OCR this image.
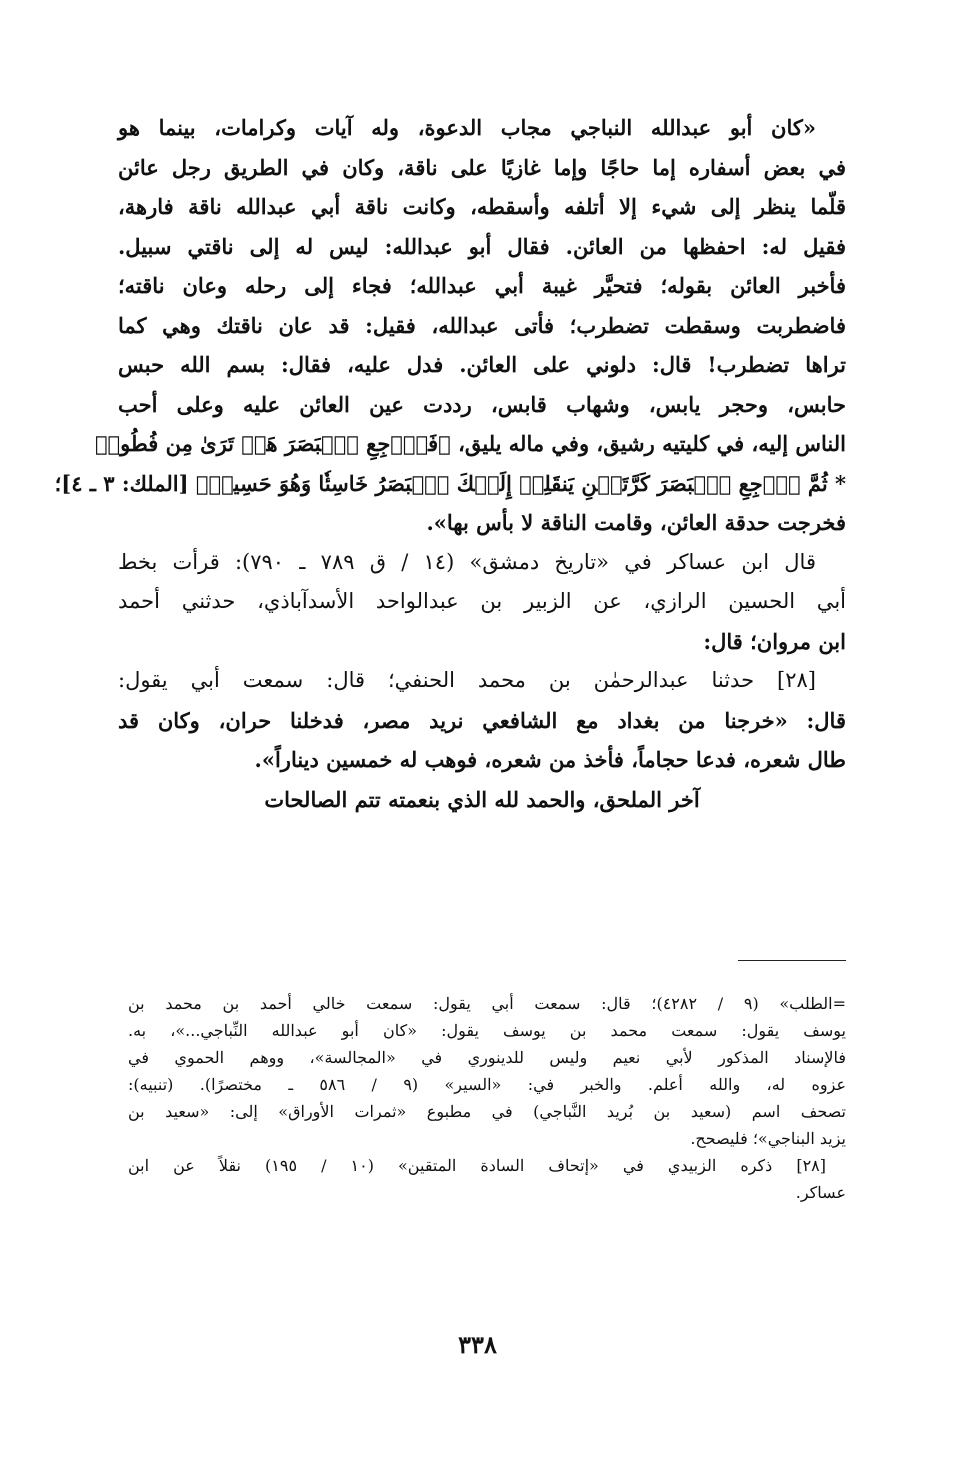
«كان أبو عبدالله النباجي مجاب الدعوة، وله آيات وكرامات، بينما هو
في بعض أسفاره إما حاجًا وإما غازيًا على ناقة، وكان في الطريق رجل عائن
قلّما ينظر إلى شيء إلا أتلفه وأسقطه، وكانت ناقة أبي عبدالله ناقة فارهة،
فقيل له: احفظها من العائن. فقال أبو عبدالله: ليس له إلى ناقتي سبيل.
فأخبر العائن بقوله؛ فتحيَّر غيبة أبي عبدالله؛ فجاء إلى رحله وعان ناقته؛
فاضطربت وسقطت تضطرب؛ فأتى عبدالله، فقيل: قد عان ناقتك وهي كما
تراها تضطرب! قال: دلوني على العائن. فدل عليه، فقال: بسم الله حبس
حابس، وحجر يابس، وشهاب قابس، رددت عين العائن عليه وعلى أحب
الناس إليه، في كليتيه رشيق، وفي ماله يليق، ﴿فَٱرۡجِعِ ٱلۡبَصَرَ هَلۡ تَرَىٰ مِن فُطُورٖ
* ثُمَّ ٱرۡجِعِ ٱلۡبَصَرَ كَرَّتَيۡنِ يَنقَلِبۡ إِلَيۡكَ ٱلۡبَصَرُ خَاسِئٗا وَهُوَ حَسِيرٞ﴾ [الملك: ٣ ـ ٤]؛
فخرجت حدقة العائن، وقامت الناقة لا بأس بها».
قال ابن عساكر في «تاريخ دمشق» (١٤ / ق ٧٨٩ ـ ٧٩٠): قرأت بخط
أبي الحسين الرازي، عن الزبير بن عبدالواحد الأسدآباذي، حدثني أحمد
ابن مروان؛ قال:
[٢٨] حدثنا عبدالرحمٰن بن محمد الحنفي؛ قال: سمعت أبي يقول:
قال: «خرجنا من بغداد مع الشافعي نريد مصر، فدخلنا حران، وكان قد
طال شعره، فدعا حجاماً، فأخذ من شعره، فوهب له خمسين ديناراً».
آخر الملحق، والحمد لله الذي بنعمته تتم الصالحات
=الطلب» (٩ / ٤٢٨٢)؛ قال: سمعت أبي يقول: سمعت خالي أحمد بن محمد بن
يوسف يقول: سمعت محمد بن يوسف يقول: «كان أبو عبدالله النِّباجي...»، به.
فالإسناد المذكور لأبي نعيم وليس للدينوري في «المجالسة»، ووهم الحموي في
عزوه له، والله أعلم. والخبر في: «السير» (٩ / ٥٨٦ ـ مختصرًا). (تنبيه):
تصحف اسم (سعيد بن بُريد النَّباجي) في مطبوع «ثمرات الأوراق» إلى: «سعيد بن
يزيد البناجي»؛ فليصحح.
[٢٨] ذكره الزبيدي في «إتحاف السادة المتقين» (١٠ / ١٩٥) نقلاً عن ابن
عساكر.
٣٣٨
